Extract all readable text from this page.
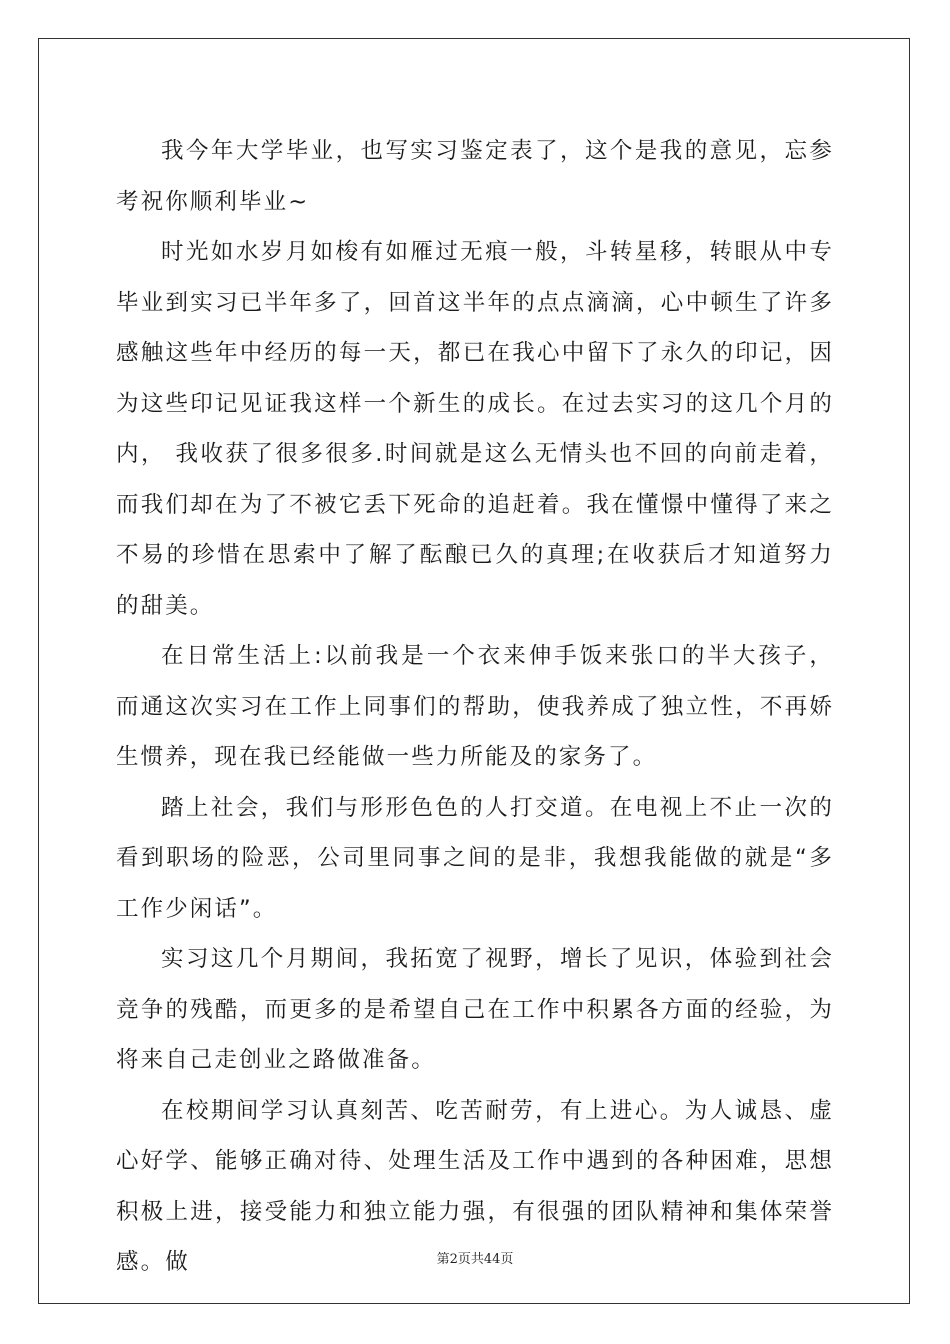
我今年大学毕业，也写实习鉴定表了，这个是我的意见，忘参考祝你顺利毕业~

时光如水岁月如梭有如雁过无痕一般，斗转星移，转眼从中专毕业到实习已半年多了，回首这半年的点点滴滴，心中顿生了许多感触这些年中经历的每一天，都已在我心中留下了永久的印记，因为这些印记见证我这样一个新生的成长。在过去实习的这几个月的内， 我收获了很多很多.时间就是这么无情头也不回的向前走着，而我们却在为了不被它丢下死命的追赶着。我在懂憬中懂得了来之不易的珍惜在思索中了解了酝酿已久的真理;在收获后才知道努力的甜美。

在日常生活上:以前我是一个衣来伸手饭来张口的半大孩子，而通这次实习在工作上同事们的帮助，使我养成了独立性，不再娇生惯养，现在我已经能做一些力所能及的家务了。

踏上社会，我们与形形色色的人打交道。在电视上不止一次的看到职场的险恶，公司里同事之间的是非，我想我能做的就是“多工作少闲话”。

实习这几个月期间，我拓宽了视野，增长了见识，体验到社会竞争的残酷，而更多的是希望自己在工作中积累各方面的经验，为将来自己走创业之路做准备。

在校期间学习认真刻苦、吃苦耐劳，有上进心。为人诚恳、虚心好学、能够正确对待、处理生活及工作中遇到的各种困难，思想积极上进，接受能力和独立能力强，有很强的团队精神和集体荣誉感。做	第2页共44页
